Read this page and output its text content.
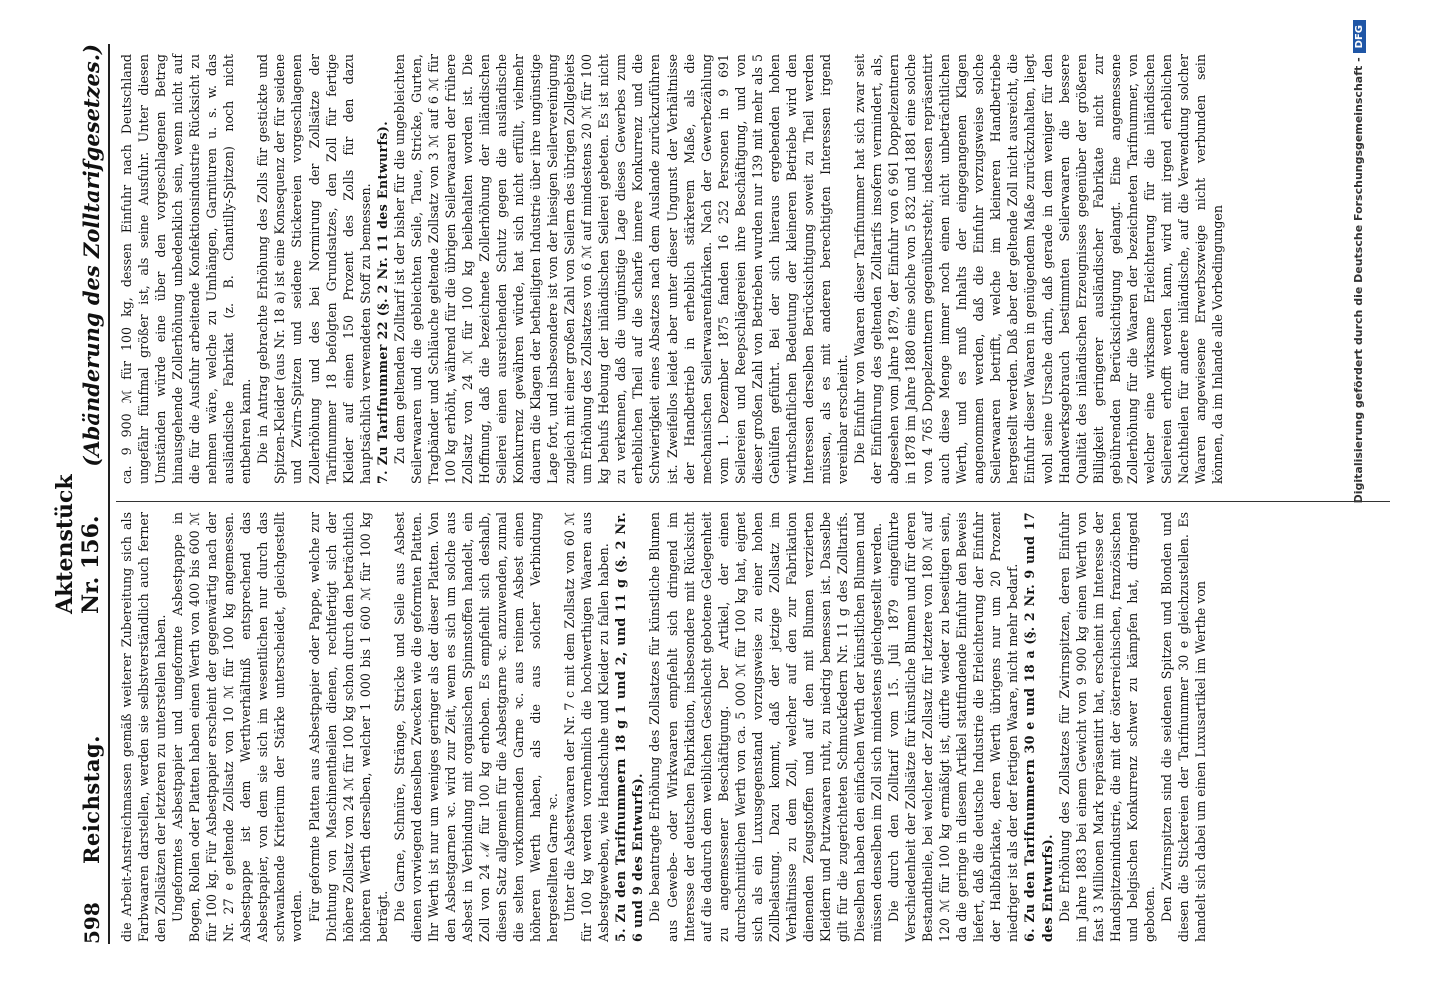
598
Reichstag.
Aktenstück Nr. 156.
(Abänderung des Zolltarifgesetzes.)

die Arbeit-Anstreichmassen gemäß weiterer Zubereitung sich als Farbwaaren darstellen, werden sie selbstverständlich auch ferner den Zollsätzen der letzteren zu unterstellen haben. Ungeformtes Asbestpapier und ungeformte Asbestpappe in Bogen, Rollen oder Platten haben einen Werth von 400 bis 600 ℳ für 100 kg. Für Asbestpapier erscheint der gegenwärtig nach der Nr. 27 e geltende Zollsatz von 10 ℳ für 100 kg angemessen. Asbestpappe ist dem Werthverhältniß entsprechend das Asbestpapier, von dem sie sich im wesentlichen nur durch das schwankende Kriterium der Stärke unterscheidet, gleichgestellt worden. Für geformte Platten aus Asbestpapier oder Pappe, welche zur Dichtung von Maschinentheilen dienen, rechtfertigt sich der höhere Zollsatz von 24 ℳ für 100 kg schon durch den beträchtlich höheren Werth derselben, welcher 1 000 bis 1 600 ℳ für 100 kg beträgt. Die Garne, Schnüre, Stränge, Stricke und Seile aus Asbest dienen vorwiegend denselben Zwecken wie die geformten Platten. Ihr Werth ist nur um weniges geringer als der dieser Platten. Von den Asbestgarnen ꝛc. wird zur Zeit, wenn es sich um solche aus Asbest in Verbindung mit organischen Spinnstoffen handelt, ein Zoll von 24 ℳ für 100 kg erhoben. Es empfiehlt sich deshalb, diesen Satz allgemein für die Asbestgarne ꝛc. anzuwenden, zumal die selten vorkommenden Garne ꝛc. aus reinem Asbest einen höheren Werth haben, als die aus solcher Verbindung hergestellten Garne ꝛc. Unter die Asbestwaaren der Nr. 7 c mit dem Zollsatz von 60 ℳ für 100 kg werden vornehmlich die hochwerthigen Waaren aus Asbestgeweben, wie Handschuhe und Kleider zu fallen haben. 5. Zu den Tarifnummern 18 g 1 und 2, und 11 g (§. 2 Nr. 6 und 9 des Entwurfs). Die beantragte Erhöhung des Zollsatzes für künstliche Blumen aus Gewebe- oder Wirkwaaren empfiehlt sich dringend im Interesse der deutschen Fabrikation, insbesondere mit Rücksicht auf die dadurch dem weiblichen Geschlecht gebotene Gelegenheit zu angemessener Beschäftigung. Der Artikel, der einen durchschnittlichen Werth von ca. 5 000 ℳ für 100 kg hat, eignet sich als ein Luxusgegenstand vorzugsweise zu einer hohen Zollbelastung. Dazu kommt, daß der jetzige Zollsatz im Verhältnisse zu dem Zoll, welcher auf den zur Fabrikation dienenden Zeugstoffen und auf den mit Blumen verzierten Kleidern und Putzwaaren ruht, zu niedrig bemessen ist. Dasselbe gilt für die zugerichteten Schmuckfedern Nr. 11 g des Zolltarifs. Dieselben haben den einfachen Werth der künstlichen Blumen und müssen denselben im Zoll sich mindestens gleichgestellt werden. Die durch den Zolltarif vom 15. Juli 1879 eingeführte Verschiedenheit der Zollsätze für künstliche Blumen und für deren Bestandtheile, bei welcher der Zollsatz für letztere von 180 ℳ auf 120 ℳ für 100 kg ermäßigt ist, dürfte wieder zu beseitigen sein, da die geringe in diesem Artikel stattfindende Einfuhr den Beweis liefert, daß die deutsche Industrie die Erleichterung der Einfuhr der Halbfabrikate, deren Werth übrigens nur um 20 Prozent niedriger ist als der der fertigen Waare, nicht mehr bedarf. 6. Zu den Tarifnummern 30 e und 18 a (§. 2 Nr. 9 und 17 des Entwurfs). Die Erhöhung des Zollsatzes für Zwirnspitzen, deren Einfuhr im Jahre 1883 bei einem Gewicht von 9 900 kg einen Werth von fast 3 Millionen Mark repräsentirt hat, erscheint im Interesse der Handspitzenindustrie, die mit der österreichischen, französischen und belgischen Konkurrenz schwer zu kämpfen hat, dringend geboten. Den Zwirnspitzen sind die seidenen Spitzen und Blonden und diesen die Stickereien der Tarifnummer 30 e gleichzustellen. Es handelt sich dabei um einen Luxusartikel im Werthe von

ca. 9 900 ℳ für 100 kg, dessen Einfuhr nach Deutschland ungefähr fünfmal größer ist, als seine Ausfuhr. Unter diesen Umständen würde eine über den vorgeschlagenen Betrag hinausgehende Zollerhöhung unbedenklich sein, wenn nicht auf die für die Ausfuhr arbeitende Konfektionsindustrie Rücksicht zu nehmen wäre, welche zu Umhängen, Garnituren u. s. w. das ausländische Fabrikat (z. B. Chantilly-Spitzen) noch nicht entbehren kann. Die in Antrag gebrachte Erhöhung des Zolls für gestickte und Spitzen-Kleider (aus Nr. 18 a) ist eine Konsequenz der für seidene und Zwirn-Spitzen und seidene Stickereien vorgeschlagenen Zollerhöhung und des bei Normirung der Zollsätze der Tarifnummer 18 befolgten Grundsatzes, den Zoll für fertige Kleider auf einen 150 Prozent des Zolls für den dazu hauptsächlich verwendeten Stoff zu bemessen. 7. Zu Tarifnummer 22 (§. 2 Nr. 11 des Entwurfs). Zu dem geltenden Zolltarif ist der bisher für die ungebleichten Seilerwaaren und die gebleichten Seile, Taue, Stricke, Gurten, Tragbänder und Schläuche geltende Zollsatz von 3 ℳ auf 6 ℳ für 100 kg erhöht, während für die übrigen Seilerwaaren der frühere Zollsatz von 24 ℳ für 100 kg beibehalten worden ist. Die Hoffnung, daß die bezeichnete Zollerhöhung der inländischen Seilerei einen ausreichenden Schutz gegen die ausländische Konkurrenz gewähren würde, hat sich nicht erfüllt, vielmehr dauern die Klagen der betheiligten Industrie über ihre ungünstige Lage fort, und insbesondere ist von der hiesigen Seilervereinigung zugleich mit einer großen Zahl von Seilern des übrigen Zollgebiets um Erhöhung des Zollsatzes von 6 ℳ auf mindestens 20 ℳ für 100 kg behufs Hebung der inländischen Seilerei gebeten. Es ist nicht zu verkennen, daß die ungünstige Lage dieses Gewerbes zum erheblichen Theil auf die scharfe innere Konkurrenz und die Schwierigkeit eines Absatzes nach dem Auslande zurückzuführen ist. Zweifellos leidet aber unter dieser Ungunst der Verhältnisse der Handbetrieb in erheblich stärkerem Maße, als die mechanischen Seilerwaarenfabriken. Nach der Gewerbezählung vom 1. Dezember 1875 fanden 16 252 Personen in 9 691 Seilereien und Reepschlägereien ihre Beschäftigung, und von dieser großen Zahl von Betrieben wurden nur 139 mit mehr als 5 Gehülfen geführt. Bei der sich hieraus ergebenden hohen wirthschaftlichen Bedeutung der kleineren Betriebe wird den Interessen derselben Berücksichtigung soweit zu Theil werden müssen, als es mit anderen berechtigten Interessen irgend vereinbar erscheint. Die Einfuhr von Waaren dieser Tarifnummer hat sich zwar seit der Einführung des geltenden Zolltarifs insofern vermindert, als, abgesehen vom Jahre 1879, der Einfuhr von 6 961 Doppelzentnern in 1878 im Jahre 1880 eine solche von 5 832 und 1881 eine solche von 4 765 Doppelzentnern gegenübersteht; indessen repräsentirt auch diese Menge immer noch einen nicht unbeträchtlichen Werth, und es muß Inhalts der eingegangenen Klagen angenommen werden, daß die Einfuhr vorzugsweise solche Seilerwaaren betrifft, welche im kleineren Handbetriebe hergestellt werden. Daß aber der geltende Zoll nicht ausreicht, die Einfuhr dieser Waaren in genügendem Maße zurückzuhalten, liegt wohl seine Ursache darin, daß gerade in dem weniger für den Handwerksgebrauch bestimmten Seilerwaaren die bessere Qualität des inländischen Erzeugnisses gegenüber der größeren Billigkeit geringerer ausländischer Fabrikate nicht zur gebührenden Berücksichtigung gelangt. Eine angemessene Zollerhöhung für die Waaren der bezeichneten Tarifnummer, von welcher eine wirksame Erleichterung für die inländischen Seilereien erhofft werden kann, wird mit irgend erheblichen Nachtheilen für andere inländische, auf die Verwendung solcher Waaren angewiesene Erwerbszweige nicht verbunden sein können, da im Inlande alle Vorbedingungen	Digitalisierung gefördert durch die Deutsche Forschungsgemeinschaft -DFG
